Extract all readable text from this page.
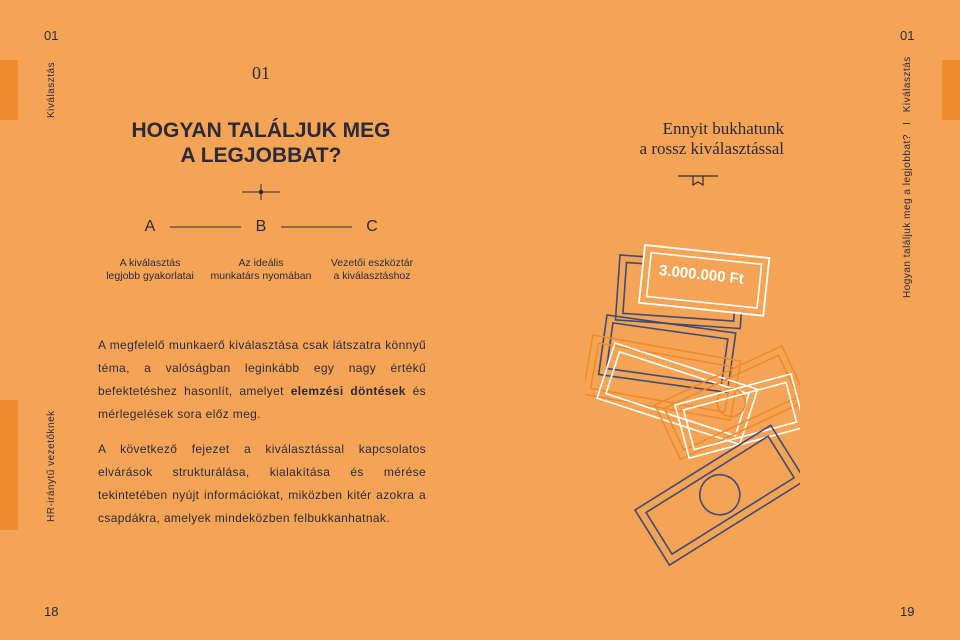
01
Kiválasztás
HR-iránytű vezetőknek
01
HOGYAN TALÁLJUK MEG
A LEGJOBBAT?
A	B	C
A kiválasztás
legjobb gyakorlatai
Az ideális
munkatárs nyomában
Vezetői eszköztár
a kiválasztáshoz
A megfelelő munkaerő kiválasztása csak látszatra könnyű téma, a valóságban leginkább egy nagy értékű befektetéshez hasonlít, amelyet elemzési döntések és mérlegelések sora előz meg.
A következő fejezet a kiválasztással kapcsolatos elvárások strukturálása, kialakítása és mérése tekintetében nyújt információkat, miközben kitér azokra a csapdákra, amelyek mindeközben felbukkanhatnak.
18
01
Hogyan találjuk meg a legjobbat? I Kiválasztás
Ennyit bukhatunk
a rossz kiválasztással
3.000.000 Ft
19
